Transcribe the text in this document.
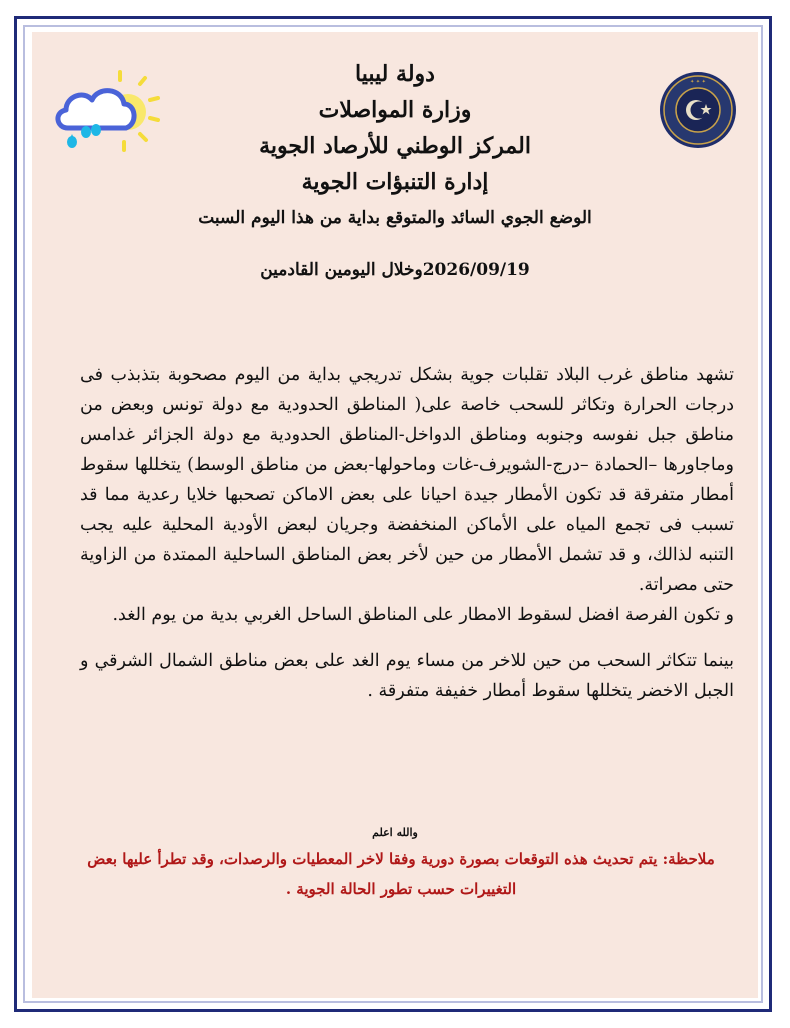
✦ ✦ ✦

دولة ليبيا

وزارة المواصلات

المركز الوطني للأرصاد الجوية

إدارة التنبؤات الجوية

الوضع الجوي السائد والمتوقع بداية من هذا اليوم السبت
2026/09/19وخلال اليومين القادمين

تشهد مناطق غرب البلاد تقلبات جوية بشكل تدريجي بداية من اليوم مصحوبة بتذبذب فى درجات الحرارة وتكاثر للسحب خاصة على( المناطق الحدودية مع دولة تونس وبعض من مناطق جبل نفوسه وجنوبه ومناطق الدواخل-المناطق الحدودية مع دولة الجزائر غدامس وماجاورها –الحمادة –درج-الشويرف-غات وماحولها-بعض من مناطق الوسط) يتخللها سقوط أمطار متفرقة قد تكون الأمطار جيدة احيانا على بعض الاماكن تصحبها خلايا رعدية مما قد تسبب فى تجمع المياه على الأماكن المنخفضة وجريان لبعض الأودية المحلية عليه يجب التنبه لذالك، و قد تشمل الأمطار من حين لأخر بعض المناطق الساحلية الممتدة من الزاوية حتى مصراتة.

و تكون الفرصة افضل لسقوط الامطار على المناطق الساحل الغربي بدية من يوم الغد.

بينما تتكاثر السحب من حين للاخر من مساء يوم الغد على بعض مناطق الشمال الشرقي و الجبل الاخضر يتخللها سقوط أمطار خفيفة متفرقة .

والله اعلم
ملاحظة: يتم تحديث هذه التوقعات بصورة دورية وفقا لاخر المعطيات والرصدات، وقد تطرأ عليها بعض التغييرات حسب تطور الحالة الجوية .
